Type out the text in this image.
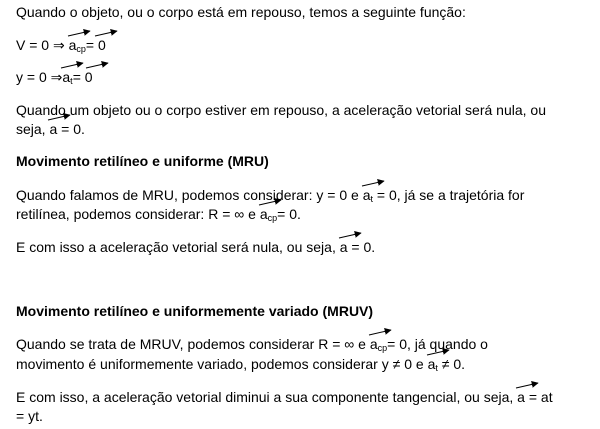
Quando o objeto, ou o corpo está em repouso, temos a seguinte função:
V = 0 ⇒
$a_{cp}$
= 0
y = 0 ⇒
$a_t$
= 0
Quando um objeto ou o corpo estiver em repouso, a aceleração vetorial será nula, ou
seja,
a = 0.
Movimento retilíneo e uniforme (MRU)
Quando falamos de MRU, podemos considerar: y = 0 e
$a_t = 0$, já se a trajetória for
retilínea, podemos considerar: R = ∞ e
$a_{cp}= 0$.
E com isso a aceleração vetorial será nula, ou seja,
a = 0.
Movimento retilíneo e uniformemente variado (MRUV)
Quando se trata de MRUV, podemos considerar R = ∞ e
$a_{cp}= 0$, já quando o
movimento é uniformemente variado, podemos considerar y ≠ 0 e
$a_t \ne 0$.
E com isso, a aceleração vetorial diminui a sua componente tangencial, ou seja,
a = at
= yt.
